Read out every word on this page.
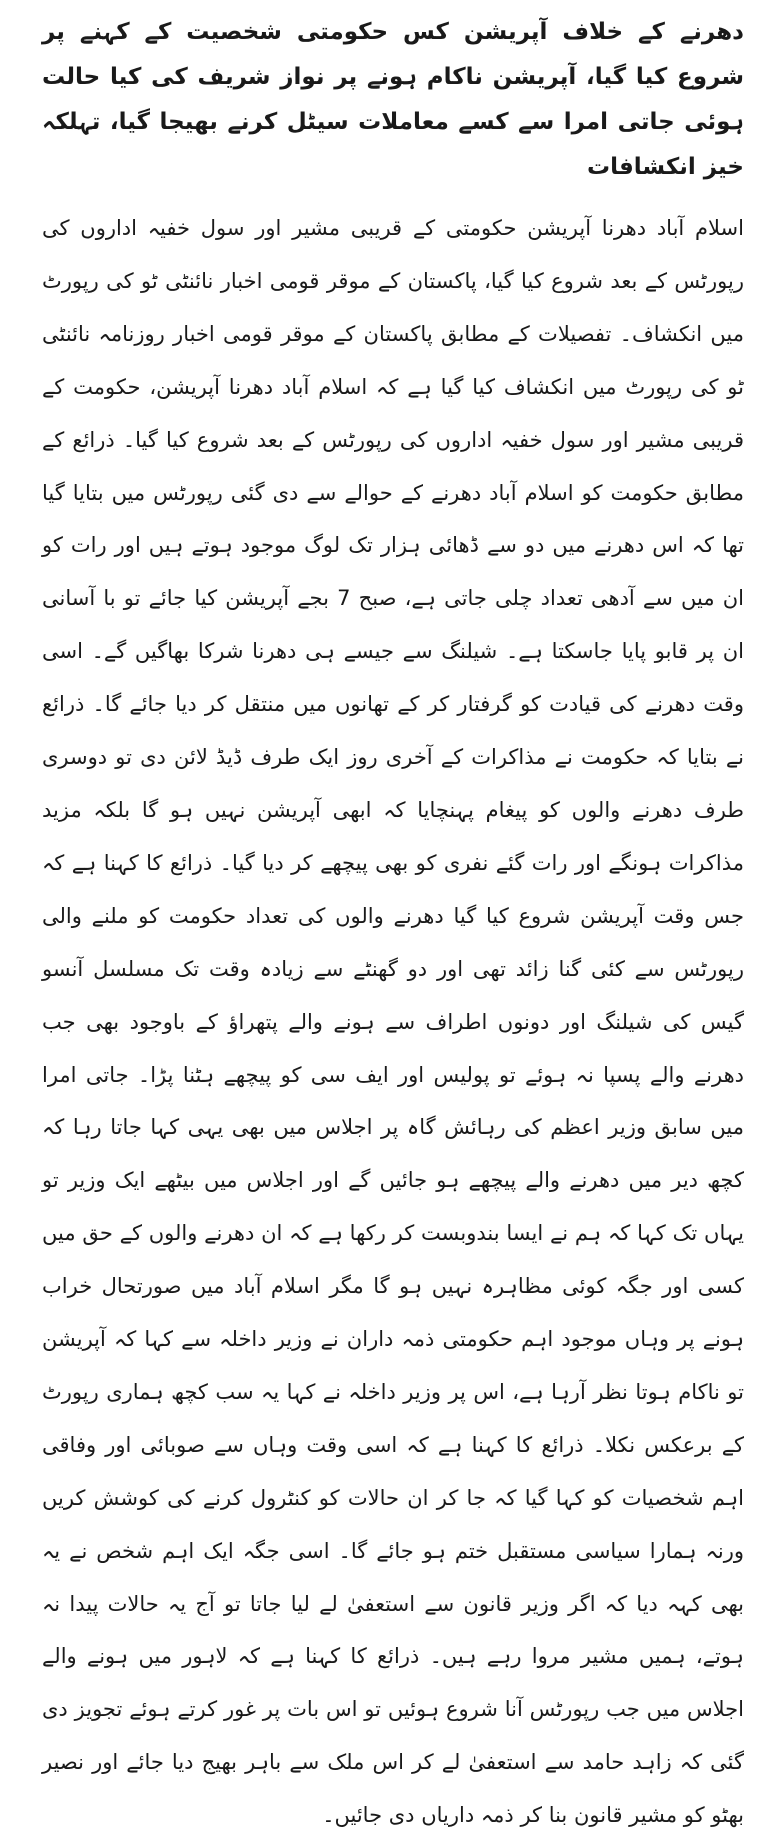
دھرنے کے خلاف آپریشن کس حکومتی شخصیت کے کہنے پر شروع کیا گیا، آپریشن ناکام ہونے پر نواز شریف کی کیا حالت ہوئی جاتی امرا سے کسے معاملات سیٹل کرنے بھیجا گیا، تہلکہ خیز انکشافات

اسلام آباد دھرنا آپریشن حکومتی کے قریبی مشیر اور سول خفیہ اداروں کی رپورٹس کے بعد شروع کیا گیا، پاکستان کے موقر قومی اخبار نائنٹی ٹو کی رپورٹ میں انکشاف۔ تفصیلات کے مطابق پاکستان کے موقر قومی اخبار روزنامہ نائنٹی ٹو کی رپورٹ میں انکشاف کیا گیا ہے کہ اسلام آباد دھرنا آپریشن، حکومت کے قریبی مشیر اور سول خفیہ اداروں کی رپورٹس کے بعد شروع کیا گیا۔ ذرائع کے مطابق حکومت کو اسلام آباد دھرنے کے حوالے سے دی گئی رپورٹس میں بتایا گیا تھا کہ اس دھرنے میں دو سے ڈھائی ہزار تک لوگ موجود ہوتے ہیں اور رات کو ان میں سے آدھی تعداد چلی جاتی ہے، صبح 7 بجے آپریشن کیا جائے تو با آسانی ان پر قابو پایا جاسکتا ہے۔ شیلنگ سے جیسے ہی دھرنا شرکا بھاگیں گے۔ اسی وقت دھرنے کی قیادت کو گرفتار کر کے تھانوں میں منتقل کر دیا جائے گا۔ ذرائع نے بتایا کہ حکومت نے مذاکرات کے آخری روز ایک طرف ڈیڈ لائن دی تو دوسری طرف دھرنے والوں کو پیغام پہنچایا کہ ابھی آپریشن نہیں ہو گا بلکہ مزید مذاکرات ہونگے اور رات گئے نفری کو بھی پیچھے کر دیا گیا۔ ذرائع کا کہنا ہے کہ جس وقت آپریشن شروع کیا گیا دھرنے والوں کی تعداد حکومت کو ملنے والی رپورٹس سے کئی گنا زائد تھی اور دو گھنٹے سے زیادہ وقت تک مسلسل آنسو گیس کی شیلنگ اور دونوں اطراف سے ہونے والے پتھراؤ کے باوجود بھی جب دھرنے والے پسپا نہ ہوئے تو پولیس اور ایف سی کو پیچھے ہٹنا پڑا۔ جاتی امرا میں سابق وزیر اعظم کی رہائش گاہ پر اجلاس میں بھی یہی کہا جاتا رہا کہ کچھ دیر میں دھرنے والے پیچھے ہو جائیں گے اور اجلاس میں بیٹھے ایک وزیر تو یہاں تک کہا کہ ہم نے ایسا بندوبست کر رکھا ہے کہ ان دھرنے والوں کے حق میں کسی اور جگہ کوئی مظاہرہ نہیں ہو گا مگر اسلام آباد میں صورتحال خراب ہونے پر وہاں موجود اہم حکومتی ذمہ داران نے وزیر داخلہ سے کہا کہ آپریشن تو ناکام ہوتا نظر آرہا ہے، اس پر وزیر داخلہ نے کہا یہ سب کچھ ہماری رپورٹ کے برعکس نکلا۔ ذرائع کا کہنا ہے کہ اسی وقت وہاں سے صوبائی اور وفاقی اہم شخصیات کو کہا گیا کہ جا کر ان حالات کو کنٹرول کرنے کی کوشش کریں ورنہ ہمارا سیاسی مستقبل ختم ہو جائے گا۔ اسی جگہ ایک اہم شخص نے یہ بھی کہہ دیا کہ اگر وزیر قانون سے استعفیٰ لے لیا جاتا تو آج یہ حالات پیدا نہ ہوتے، ہمیں مشیر مروا رہے ہیں۔ ذرائع کا کہنا ہے کہ لاہور میں ہونے والے اجلاس میں جب رپورٹس آنا شروع ہوئیں تو اس بات پر غور کرتے ہوئے تجویز دی گئی کہ زاہد حامد سے استعفیٰ لے کر اس ملک سے باہر بھیج دیا جائے اور نصیر بھٹو کو مشیر قانون بنا کر ذمہ داریاں دی جائیں۔
